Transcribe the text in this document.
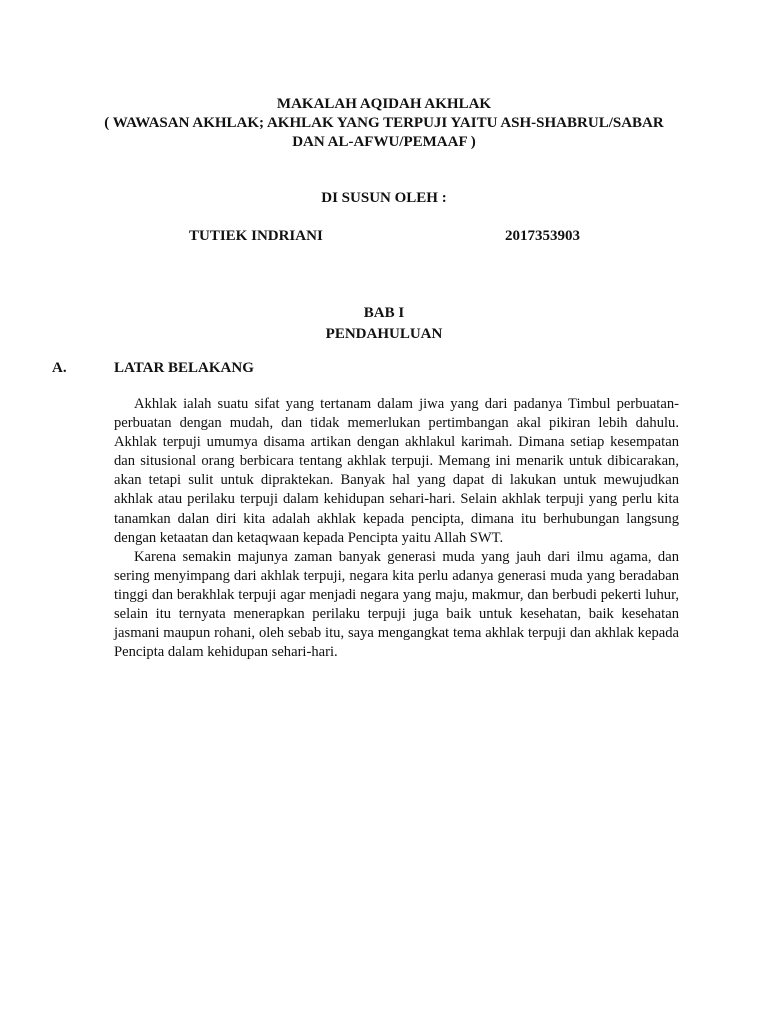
MAKALAH AQIDAH AKHLAK
( WAWASAN AKHLAK; AKHLAK YANG TERPUJI YAITU ASH-SHABRUL/SABAR
DAN AL-AFWU/PEMAAF )
DI SUSUN OLEH :
TUTIEK INDRIANI	2017353903
BAB I
PENDAHULUAN
A.	LATAR BELAKANG

Akhlak ialah suatu sifat yang tertanam dalam jiwa yang dari padanya Timbul perbuatan-perbuatan dengan mudah, dan tidak memerlukan pertimbangan akal pikiran lebih dahulu. Akhlak terpuji umumya disama artikan dengan akhlakul karimah. Dimana setiap kesempatan dan situsional orang berbicara tentang akhlak terpuji. Memang ini menarik untuk dibicarakan, akan tetapi sulit untuk dipraktekan. Banyak hal yang dapat di lakukan untuk mewujudkan akhlak atau perilaku terpuji dalam kehidupan sehari-hari. Selain akhlak terpuji yang perlu kita tanamkan dalan diri kita adalah akhlak kepada pencipta, dimana itu berhubungan langsung dengan ketaatan dan ketaqwaan kepada Pencipta yaitu Allah SWT.

Karena semakin majunya zaman banyak generasi muda yang jauh dari ilmu agama, dan sering menyimpang dari akhlak terpuji, negara kita perlu adanya generasi muda yang beradaban tinggi dan berakhlak terpuji agar menjadi negara yang maju, makmur, dan berbudi pekerti luhur, selain itu ternyata menerapkan perilaku terpuji juga baik untuk kesehatan, baik kesehatan jasmani maupun rohani, oleh sebab itu, saya mengangkat tema akhlak terpuji dan akhlak kepada Pencipta dalam kehidupan sehari-hari.
